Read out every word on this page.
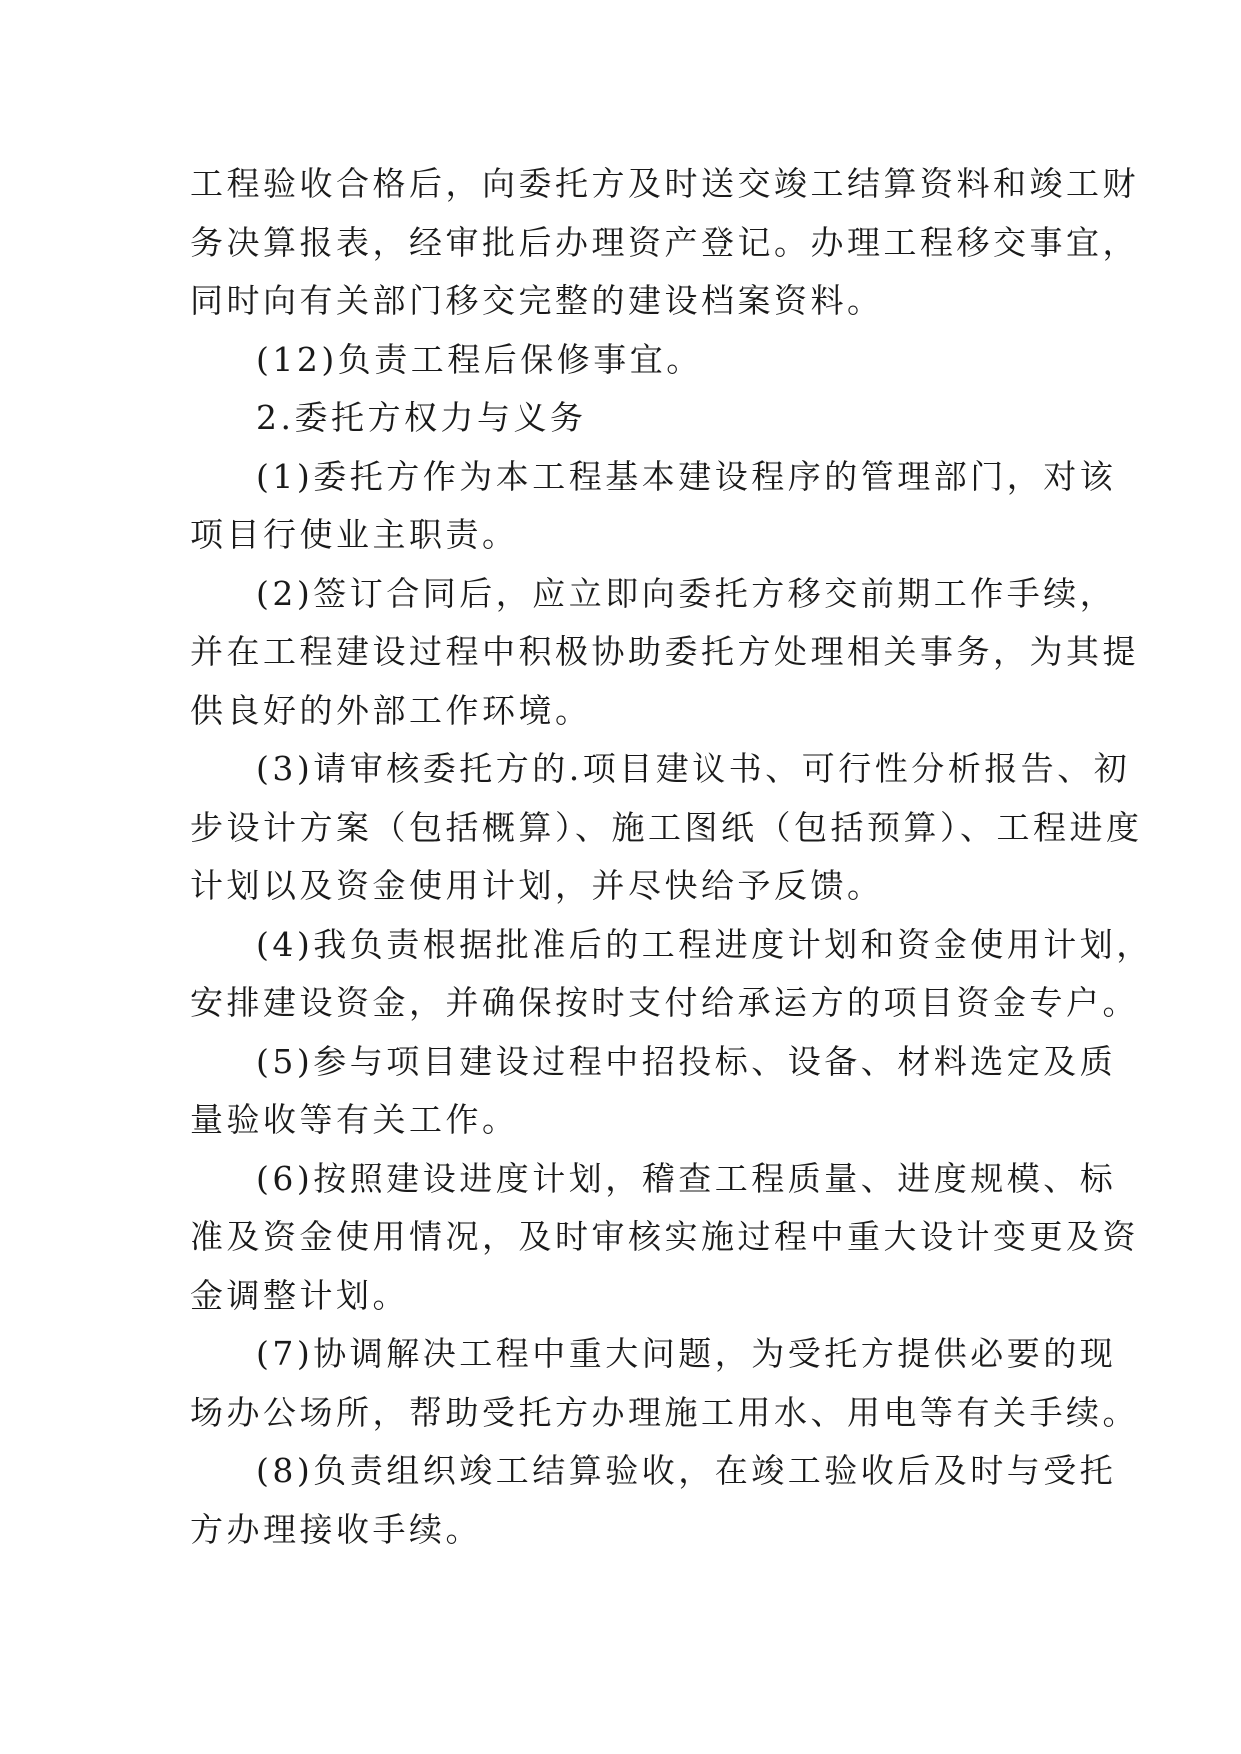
工程验收合格后，向委托方及时送交竣工结算资料和竣工财
务决算报表，经审批后办理资产登记。办理工程移交事宜，
同时向有关部门移交完整的建设档案资料。

(12)负责工程后保修事宜。

2.委托方权力与义务

(1)委托方作为本工程基本建设程序的管理部门，对该
项目行使业主职责。

(2)签订合同后，应立即向委托方移交前期工作手续，
并在工程建设过程中积极协助委托方处理相关事务，为其提
供良好的外部工作环境。

(3)请审核委托方的.项目建议书、可行性分析报告、初
步设计方案（包括概算）、施工图纸（包括预算）、工程进度
计划以及资金使用计划，并尽快给予反馈。

(4)我负责根据批准后的工程进度计划和资金使用计划，
安排建设资金，并确保按时支付给承运方的项目资金专户。

(5)参与项目建设过程中招投标、设备、材料选定及质
量验收等有关工作。

(6)按照建设进度计划，稽查工程质量、进度规模、标
准及资金使用情况，及时审核实施过程中重大设计变更及资
金调整计划。

(7)协调解决工程中重大问题，为受托方提供必要的现
场办公场所，帮助受托方办理施工用水、用电等有关手续。

(8)负责组织竣工结算验收，在竣工验收后及时与受托
方办理接收手续。
